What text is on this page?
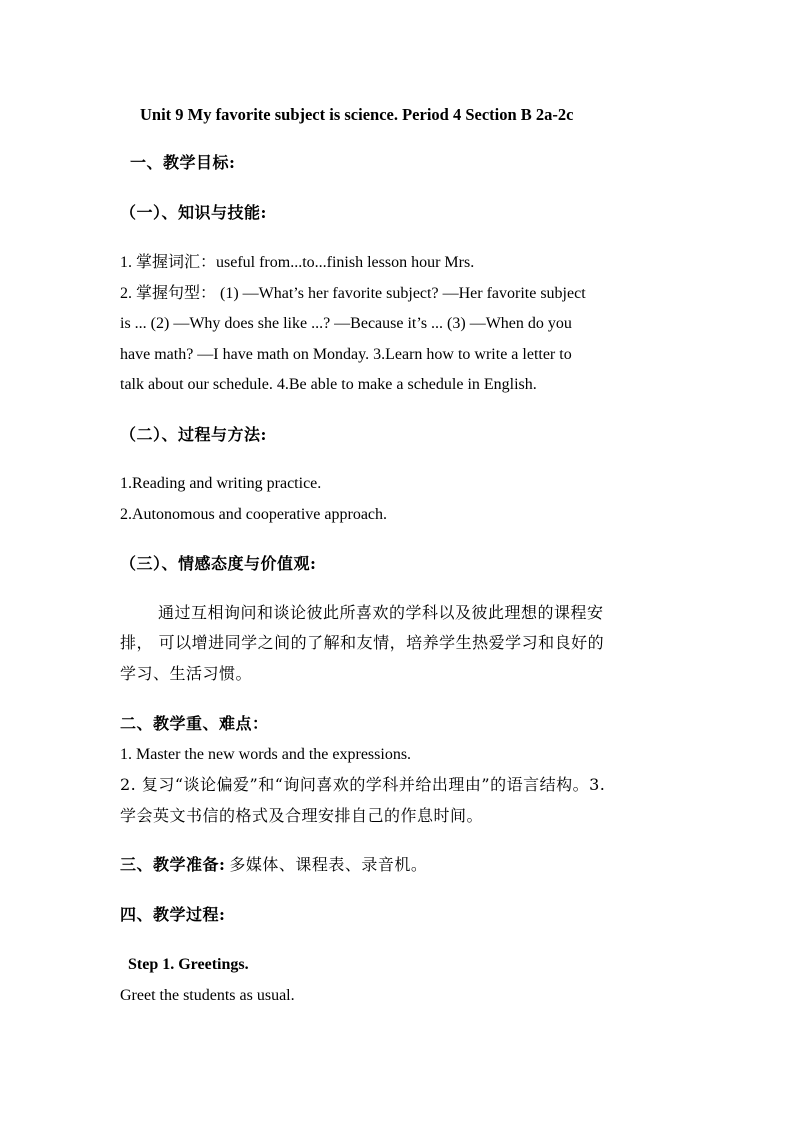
Unit 9 My favorite subject is science. Period 4 Section B 2a-2c
一、教学目标:
（一）、知识与技能:
1. 掌握词汇：useful from...to...finish lesson hour Mrs.
2. 掌握句型： (1) —What’s her favorite subject? —Her favorite subject
is ... (2) —Why does she like ...? —Because it’s ... (3) —When do you
have math? —I have math on Monday. 3.Learn how to write a letter to
talk about our schedule. 4.Be able to make a schedule in English.
（二）、过程与方法:
1.Reading and writing practice.
2.Autonomous and cooperative approach.
（三）、情感态度与价值观:
通过互相询问和谈论彼此所喜欢的学科以及彼此理想的课程安
排， 可以增进同学之间的了解和友情，培养学生热爱学习和良好的
学习、生活习惯。
二、教学重、难点：
1. Master the new words and the expressions.
2. 复习“谈论偏爱”和“询问喜欢的学科并给出理由”的语言结构。3.
学会英文书信的格式及合理安排自己的作息时间。
三、教学准备: 多媒体、课程表、录音机。
四、教学过程:
Step 1. Greetings.
Greet the students as usual.
